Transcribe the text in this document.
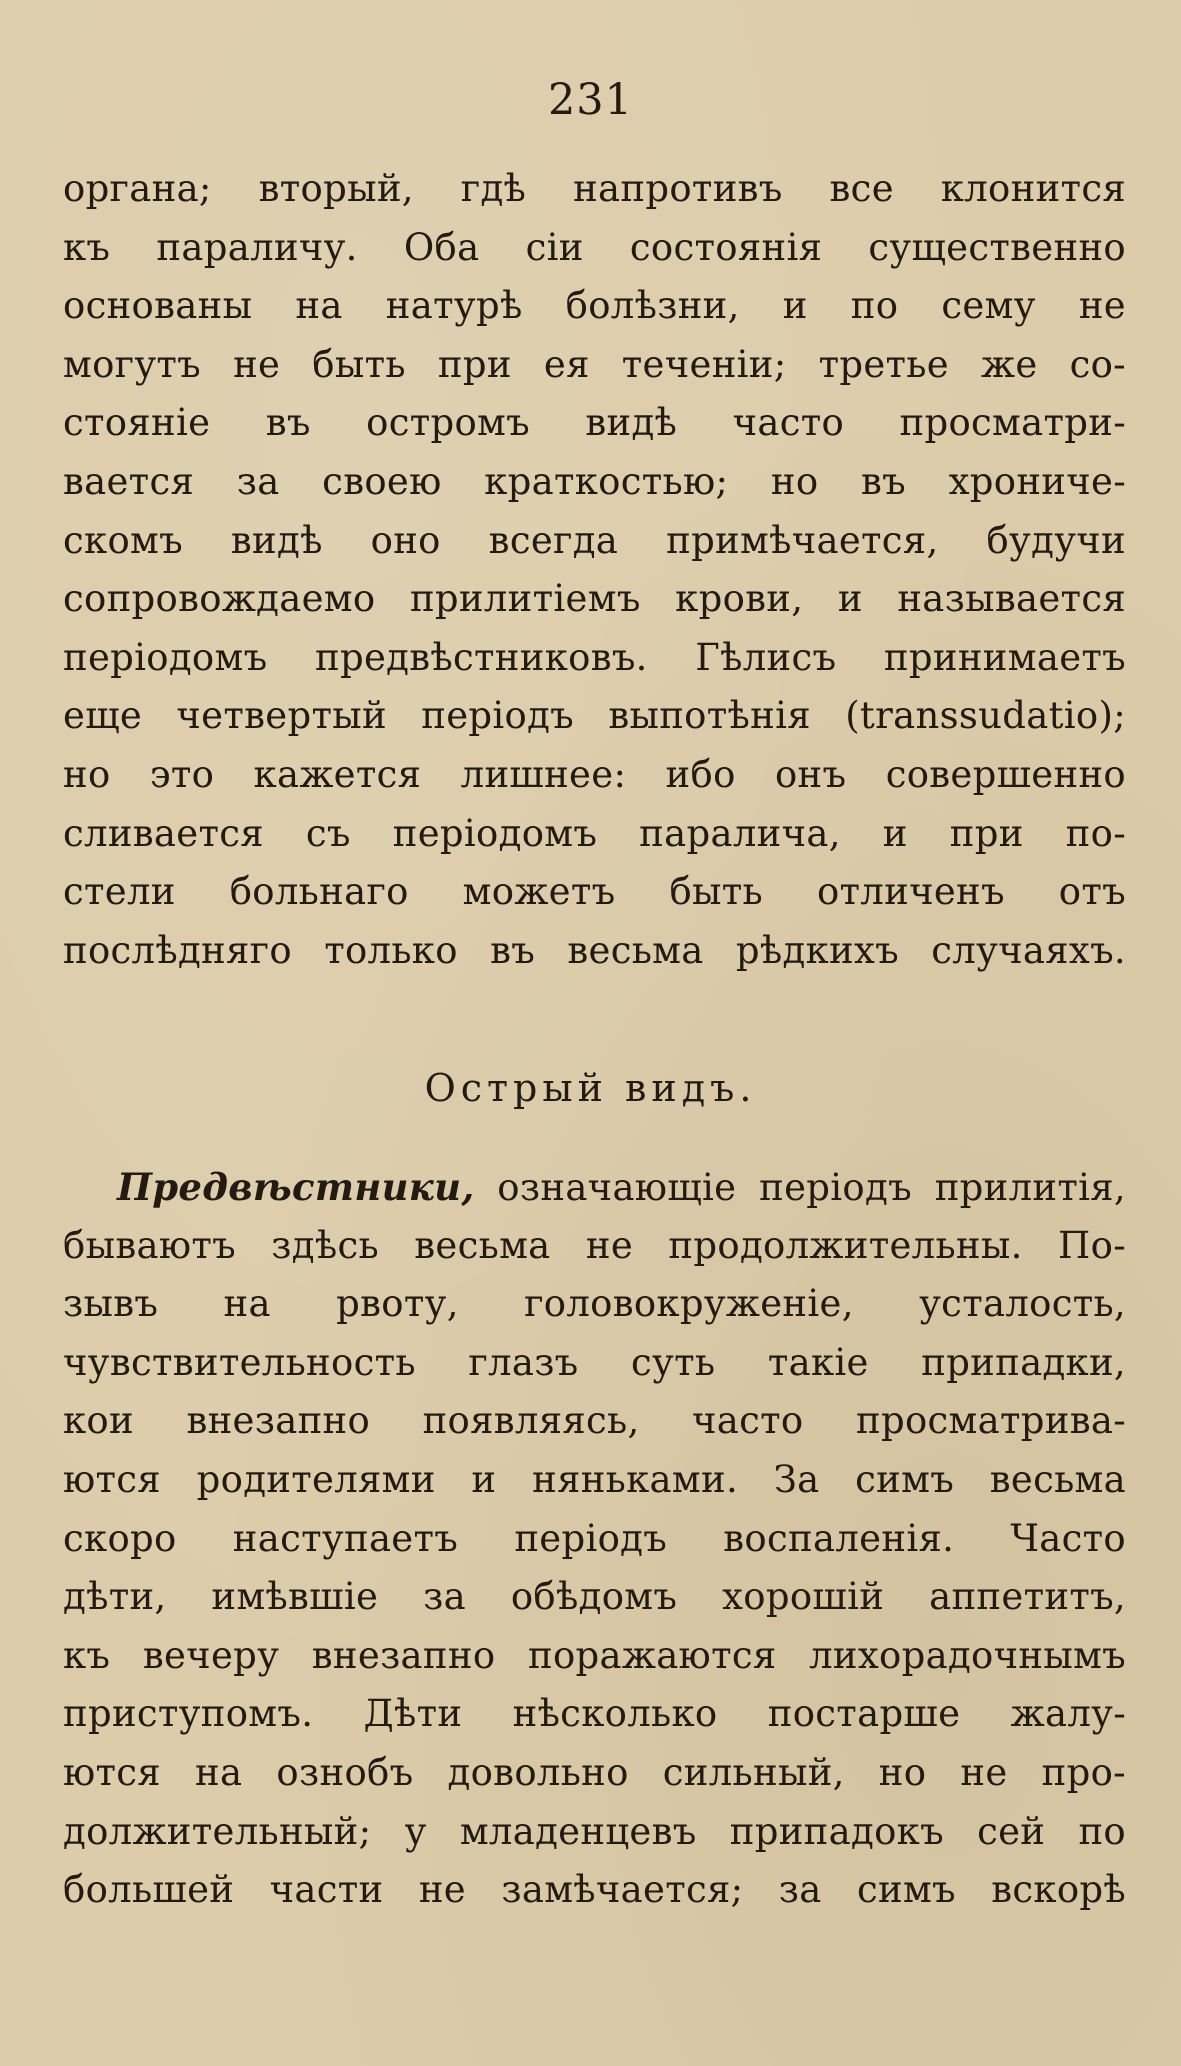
231
органа; вторый, гдѣ напротивъ все клонится
къ параличу. Оба сіи состоянія существенно
основаны на натурѣ болѣзни, и по сему не
могутъ не быть при ея теченіи; третье же со-
стояніе въ остромъ видѣ часто просматри-
вается за своею краткостью; но въ хрониче-
скомъ видѣ оно всегда примѣчается, будучи
сопровождаемо прилитіемъ крови, и называется
періодомъ предвѣстниковъ. Гѣлисъ принимаетъ
еще четвертый періодъ выпотѣнія (transsudatio);
но это кажется лишнее: ибо онъ совершенно
сливается съ періодомъ паралича, и при по-
стели больнаго можетъ быть отличенъ отъ
послѣдняго только въ весьма рѣдкихъ случаяхъ.
Острый видъ.
Предвѣстники, означающіе періодъ прилитія,
бываютъ здѣсь весьма не продолжительны. По-
зывъ на рвоту, головокруженіе, усталость,
чувствительность глазъ суть такіе припадки,
кои внезапно появляясь, часто просматрива-
ются родителями и няньками. За симъ весьма
скоро наступаетъ періодъ воспаленія. Часто
дѣти, имѣвшіе за обѣдомъ хорошій аппетитъ,
къ вечеру внезапно поражаются лихорадочнымъ
приступомъ. Дѣти нѣсколько постарше жалу-
ются на ознобъ довольно сильный, но не про-
должительный; у младенцевъ припадокъ сей по
большей части не замѣчается; за симъ вскорѣ
